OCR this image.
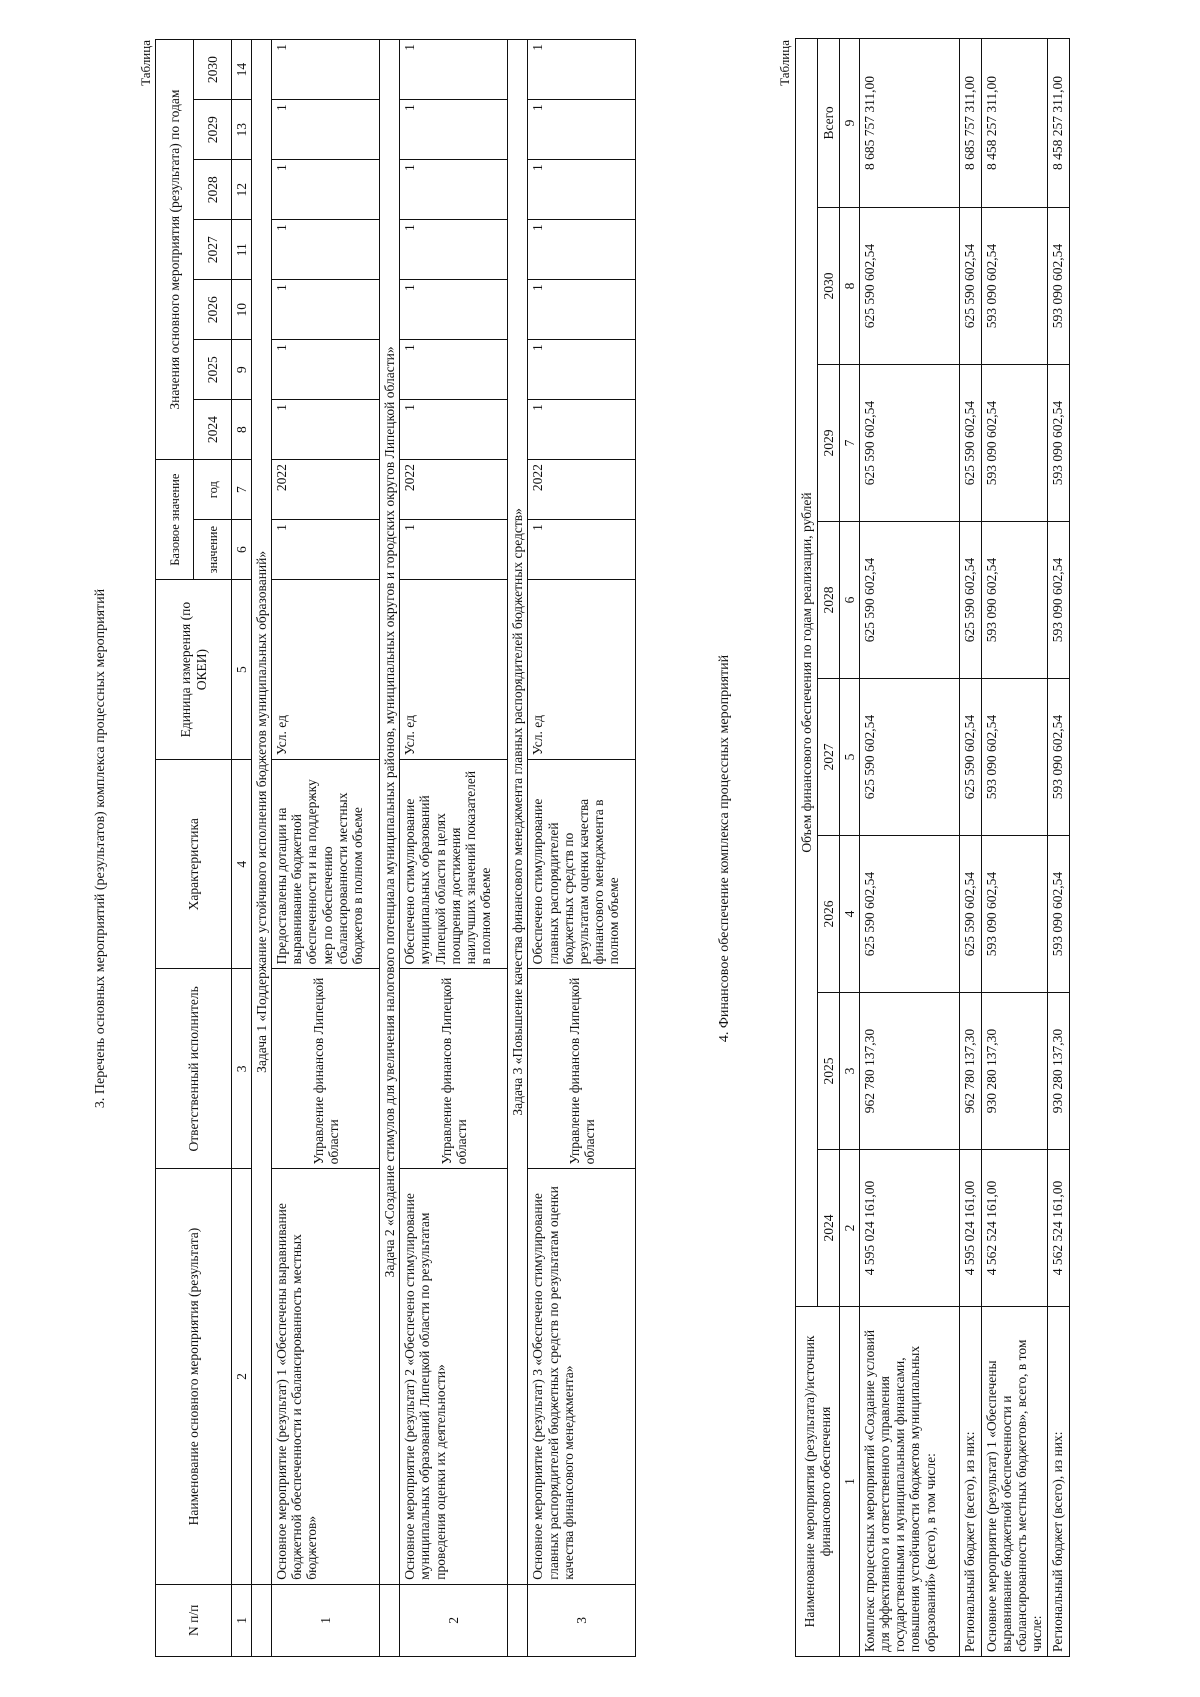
3. Перечень основных мероприятий (результатов) комплекса процессных мероприятий
Таблица
N п/п	Наименование основного мероприятия (результата)	Ответственный исполнитель	Характеристика	Единица измерения (по ОКЕИ)	Базовое значение		Значения основного мероприятия (результата) по годам						
					значение	год	2024	2025	2026	2027	2028	2029	2030
1	2	3	4	5	6	7	8	9	10	11	12	13	14
	Задача 1 «Поддержание устойчивого исполнения бюджетов муниципальных образований»												
1	Основное мероприятие (результат) 1 «Обеспечены выравнивание бюджетной обеспеченности и сбалансированность местных бюджетов»	Управление финансов Липецкой области	Предоставлены дотации на выравнивание бюджетной обеспеченности и на поддержку мер по обеспечению сбалансированности местных бюджетов в полном объеме	Усл. ед	1	2022	1	1	1	1	1	1	1
	Задача 2 «Создание стимулов для увеличения налогового потенциала муниципальных районов, муниципальных округов и городских округов Липецкой области»												
2	Основное мероприятие (результат) 2 «Обеспечено стимулирование муниципальных образований Липецкой области по результатам проведения оценки их деятельности»	Управление финансов Липецкой области	Обеспечено стимулирование муниципальных образований Липецкой области в целях поощрения достижения наилучших значений показателей в полном объеме	Усл. ед	1	2022	1	1	1	1	1	1	1
	Задача 3 «Повышение качества финансового менеджмента главных распорядителей бюджетных средств»												
3	Основное мероприятие (результат) 3 «Обеспечено стимулирование главных распорядителей бюджетных средств по результатам оценки качества финансового менеджмента»	Управление финансов Липецкой области	Обеспечено стимулирование главных распорядителей бюджетных средств по результатам оценки качества финансового менеджмента в полном объеме	Усл. ед	1	2022	1	1	1	1	1	1	1
4. Финансовое обеспечение комплекса процессных мероприятий
Таблица
Наименование мероприятия (результата)/источник финансового обеспечения	Объем финансового обеспечения по годам реализации, рублей							
	2024	2025	2026	2027	2028	2029	2030	Всего
1	2	3	4	5	6	7	8	9
Комплекс процессных мероприятий «Создание условий для эффективного и ответственного управления государственными и муниципальными финансами, повышения устойчивости бюджетов муниципальных образований» (всего), в том числе:	4 595 024 161,00	962 780 137,30	625 590 602,54	625 590 602,54	625 590 602,54	625 590 602,54	625 590 602,54	8 685 757 311,00
Региональный бюджет (всего), из них:	4 595 024 161,00	962 780 137,30	625 590 602,54	625 590 602,54	625 590 602,54	625 590 602,54	625 590 602,54	8 685 757 311,00
Основное мероприятие (результат) 1 «Обеспечены выравнивание бюджетной обеспеченности и сбалансированность местных бюджетов», всего, в том числе:	4 562 524 161,00	930 280 137,30	593 090 602,54	593 090 602,54	593 090 602,54	593 090 602,54	593 090 602,54	8 458 257 311,00
Региональный бюджет (всего), из них:	4 562 524 161,00	930 280 137,30	593 090 602,54	593 090 602,54	593 090 602,54	593 090 602,54	593 090 602,54	8 458 257 311,00
